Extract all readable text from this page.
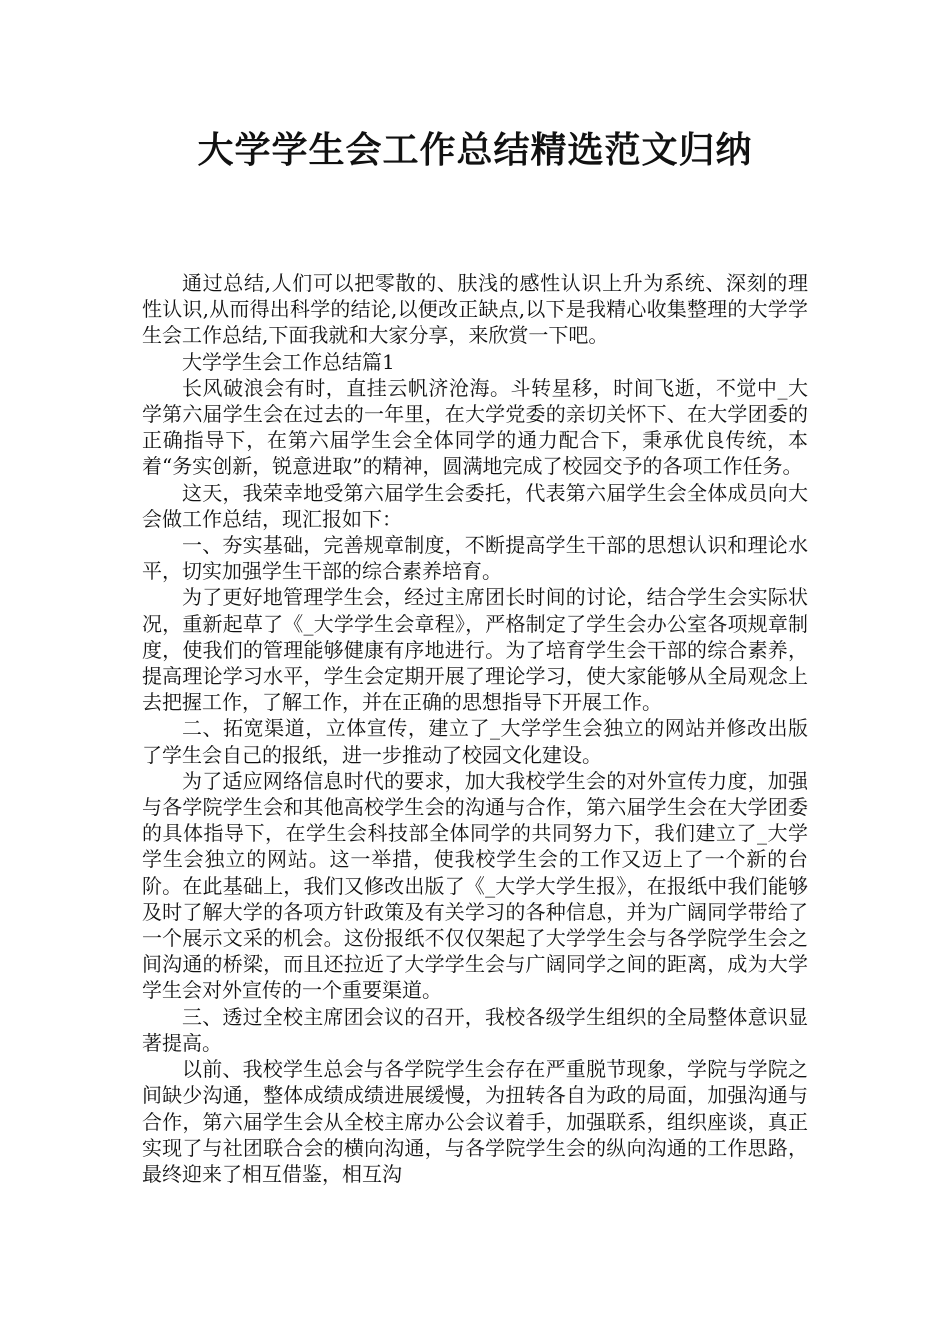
大学学生会工作总结精选范文归纳

通过总结,人们可以把零散的、肤浅的感性认识上升为系统、深刻的理性认识,从而得出科学的结论,以便改正缺点,以下是我精心收集整理的大学学生会工作总结,下面我就和大家分享，来欣赏一下吧。

大学学生会工作总结篇1

长风破浪会有时，直挂云帆济沧海。斗转星移，时间飞逝，不觉中_大学第六届学生会在过去的一年里，在大学党委的亲切关怀下、在大学团委的正确指导下，在第六届学生会全体同学的通力配合下，秉承优良传统，本着“务实创新，锐意进取”的精神，圆满地完成了校园交予的各项工作任务。

这天，我荣幸地受第六届学生会委托，代表第六届学生会全体成员向大会做工作总结，现汇报如下：

一、夯实基础，完善规章制度，不断提高学生干部的思想认识和理论水平，切实加强学生干部的综合素养培育。

为了更好地管理学生会，经过主席团长时间的讨论，结合学生会实际状况，重新起草了《_大学学生会章程》，严格制定了学生会办公室各项规章制度，使我们的管理能够健康有序地进行。为了培育学生会干部的综合素养，提高理论学习水平，学生会定期开展了理论学习，使大家能够从全局观念上去把握工作，了解工作，并在正确的思想指导下开展工作。

二、拓宽渠道，立体宣传，建立了_大学学生会独立的网站并修改出版了学生会自己的报纸，进一步推动了校园文化建设。

为了适应网络信息时代的要求，加大我校学生会的对外宣传力度，加强与各学院学生会和其他高校学生会的沟通与合作，第六届学生会在大学团委的具体指导下，在学生会科技部全体同学的共同努力下，我们建立了_大学学生会独立的网站。这一举措，使我校学生会的工作又迈上了一个新的台阶。在此基础上，我们又修改出版了《_大学大学生报》，在报纸中我们能够及时了解大学的各项方针政策及有关学习的各种信息，并为广阔同学带给了一个展示文采的机会。这份报纸不仅仅架起了大学学生会与各学院学生会之间沟通的桥梁，而且还拉近了大学学生会与广阔同学之间的距离，成为大学学生会对外宣传的一个重要渠道。

三、透过全校主席团会议的召开，我校各级学生组织的全局整体意识显著提高。

以前、我校学生总会与各学院学生会存在严重脱节现象，学院与学院之间缺少沟通，整体成绩成绩进展缓慢，为扭转各自为政的局面，加强沟通与合作，第六届学生会从全校主席办公会议着手，加强联系，组织座谈，真正实现了与社团联合会的横向沟通，与各学院学生会的纵向沟通的工作思路，最终迎来了相互借鉴，相互沟
